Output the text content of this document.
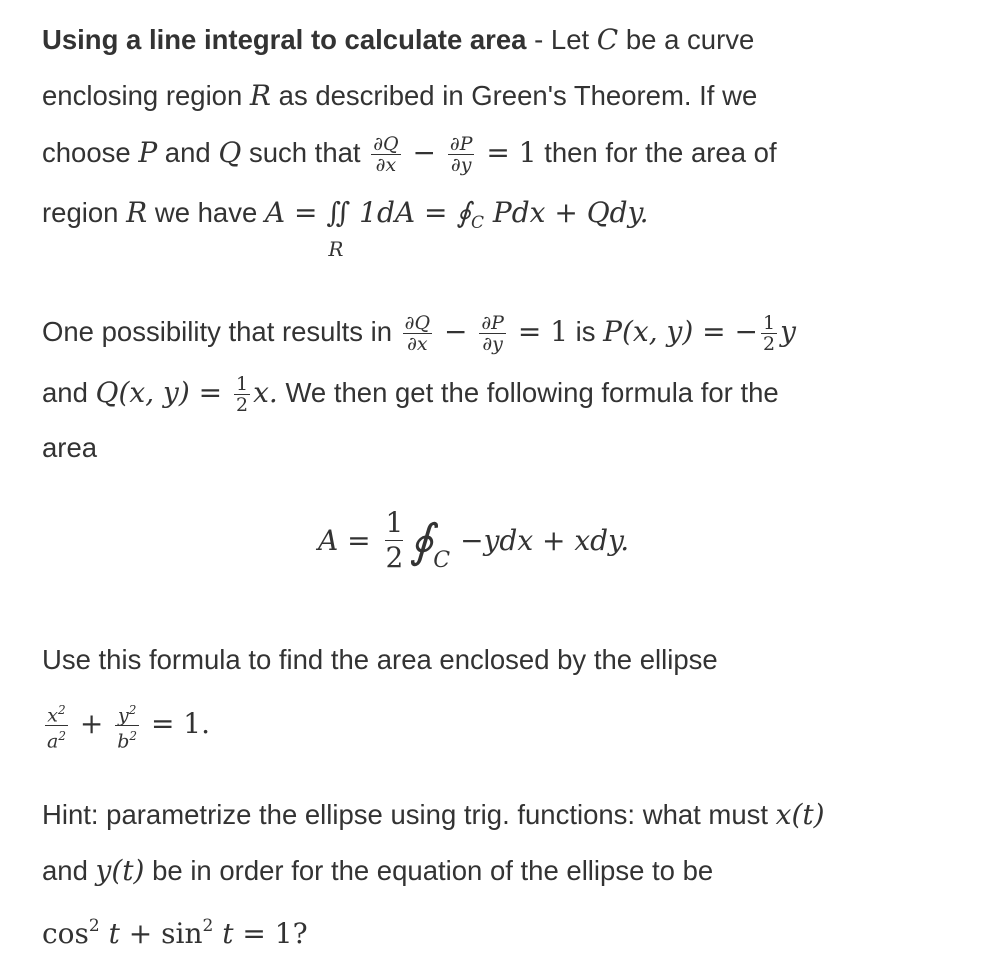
Using a line integral to calculate area - Let C be a curve

enclosing region R as described in Green's Theorem. If we

choose P and Q such that $\frac{\partial Q}{\partial x} - \frac{\partial P}{\partial y} = 1$ then for the area of

region R we have A = ∬
R
$1dA = ∮_C$ Pdx + Qdy.

One possibility that results in $\frac{\partial Q}{\partial x} - \frac{\partial P}{\partial y} = 1$ is P(x, y) = − $\frac{1}{2}$ y

and Q(x, $y) = \frac{1}{2} x$. We then get the following formula for the

area

$A = \frac{1}{2}$ ∮C−ydx + xdy.

Use this formula to find the area enclosed by the ellipse

$\frac{x^2}{a^2} + \frac{y^2}{b^2} = 1$.

Hint: parametrize the ellipse using trig. functions: what must x(t)

and y(t) be in order for the equation of the ellipse to be

$\cos^2 t + \sin^2 t = 1$?
